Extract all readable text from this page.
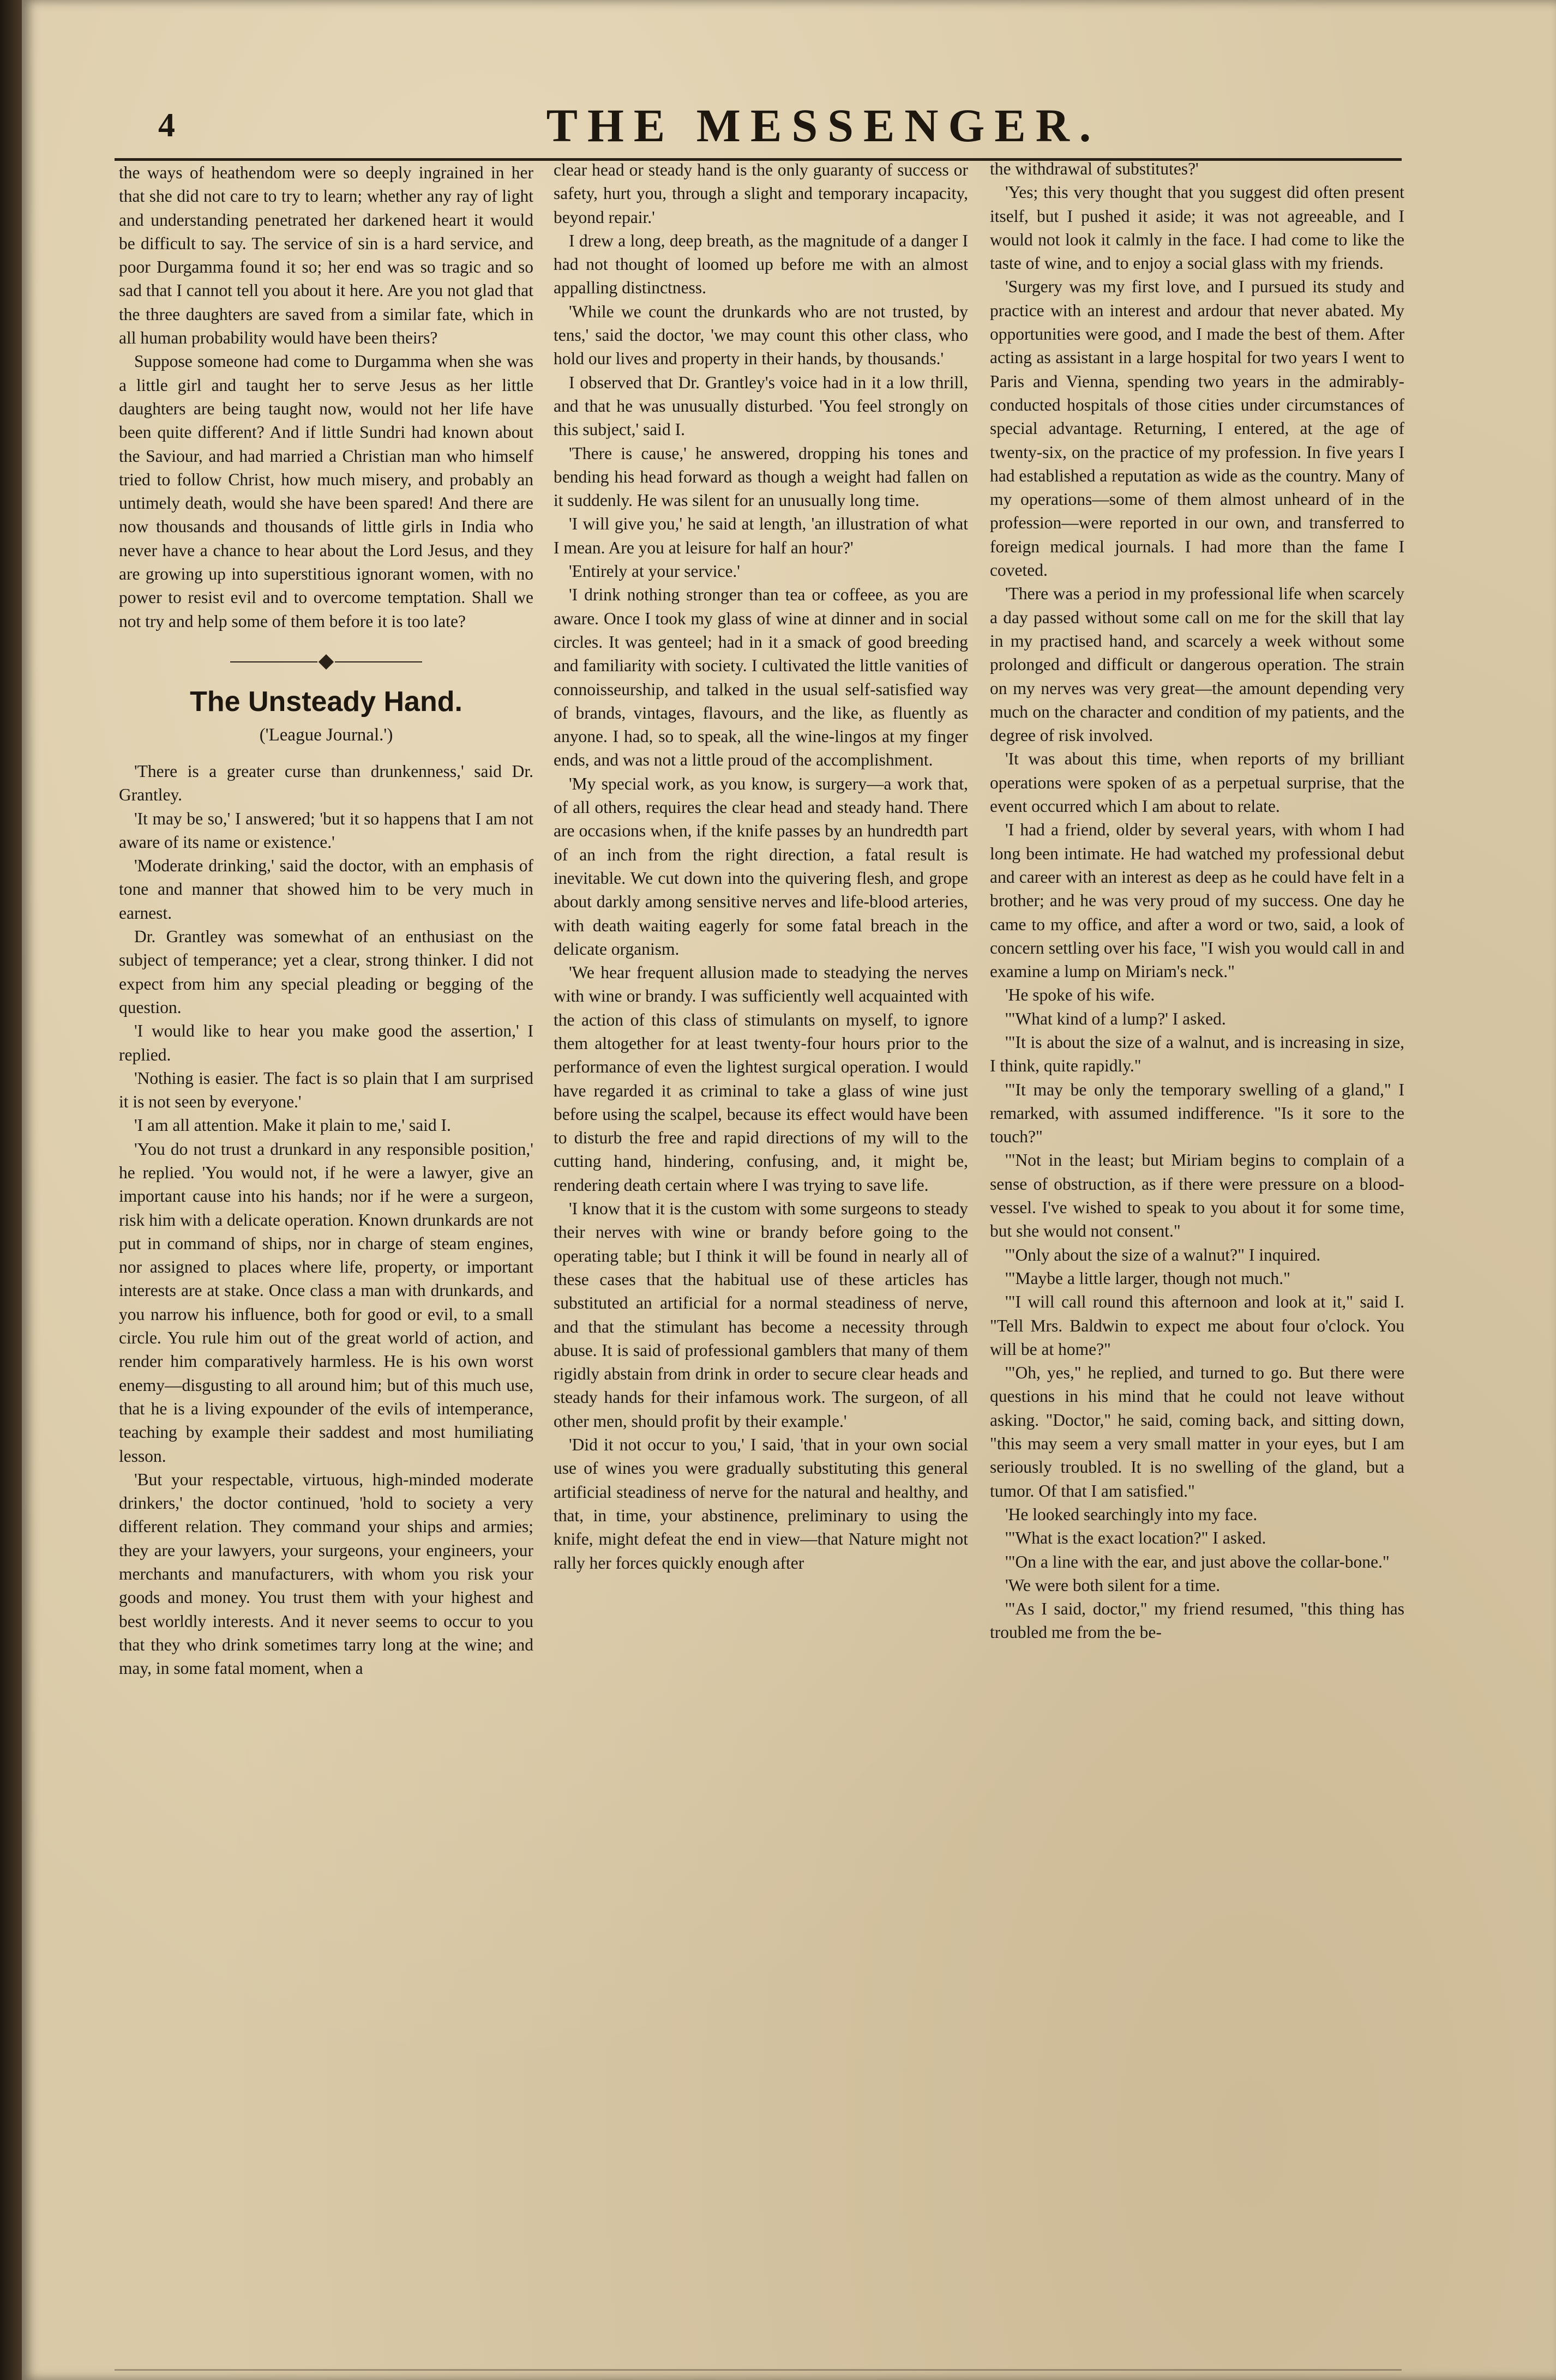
4	THE MESSENGER.

the ways of heathendom were so deeply ingrained in her that she did not care to try to learn; whether any ray of light and understanding penetrated her darkened heart it would be difficult to say. The service of sin is a hard service, and poor Durgamma found it so; her end was so tragic and so sad that I cannot tell you about it here. Are you not glad that the three daughters are saved from a similar fate, which in all human probability would have been theirs?

Suppose someone had come to Durgamma when she was a little girl and taught her to serve Jesus as her little daughters are being taught now, would not her life have been quite different? And if little Sundri had known about the Saviour, and had married a Christian man who himself tried to follow Christ, how much misery, and probably an untimely death, would she have been spared! And there are now thousands and thousands of little girls in India who never have a chance to hear about the Lord Jesus, and they are growing up into superstitious ignorant women, with no power to resist evil and to overcome temptation. Shall we not try and help some of them before it is too late?

The Unsteady Hand.
('League Journal.')

'There is a greater curse than drunkenness,' said Dr. Grantley.

'It may be so,' I answered; 'but it so happens that I am not aware of its name or existence.'

'Moderate drinking,' said the doctor, with an emphasis of tone and manner that showed him to be very much in earnest.

Dr. Grantley was somewhat of an enthusiast on the subject of temperance; yet a clear, strong thinker. I did not expect from him any special pleading or begging of the question.

'I would like to hear you make good the assertion,' I replied.

'Nothing is easier. The fact is so plain that I am surprised it is not seen by everyone.'

'I am all attention. Make it plain to me,' said I.

'You do not trust a drunkard in any responsible position,' he replied. 'You would not, if he were a lawyer, give an important cause into his hands; nor if he were a surgeon, risk him with a delicate operation. Known drunkards are not put in command of ships, nor in charge of steam engines, nor assigned to places where life, property, or important interests are at stake. Once class a man with drunkards, and you narrow his influence, both for good or evil, to a small circle. You rule him out of the great world of action, and render him comparatively harmless. He is his own worst enemy—disgusting to all around him; but of this much use, that he is a living expounder of the evils of intemperance, teaching by example their saddest and most humiliating lesson.

'But your respectable, virtuous, high-minded moderate drinkers,' the doctor continued, 'hold to society a very different relation. They command your ships and armies; they are your lawyers, your surgeons, your engineers, your merchants and manufacturers, with whom you risk your goods and money. You trust them with your highest and best worldly interests. And it never seems to occur to you that they who drink sometimes tarry long at the wine; and may, in some fatal moment, when a

clear head or steady hand is the only guaranty of success or safety, hurt you, through a slight and temporary incapacity, beyond repair.'

I drew a long, deep breath, as the magnitude of a danger I had not thought of loomed up before me with an almost appalling distinctness.

'While we count the drunkards who are not trusted, by tens,' said the doctor, 'we may count this other class, who hold our lives and property in their hands, by thousands.'

I observed that Dr. Grantley's voice had in it a low thrill, and that he was unusually disturbed. 'You feel strongly on this subject,' said I.

'There is cause,' he answered, dropping his tones and bending his head forward as though a weight had fallen on it suddenly. He was silent for an unusually long time.

'I will give you,' he said at length, 'an illustration of what I mean. Are you at leisure for half an hour?'

'Entirely at your service.'

'I drink nothing stronger than tea or coffeee, as you are aware. Once I took my glass of wine at dinner and in social circles. It was genteel; had in it a smack of good breeding and familiarity with society. I cultivated the little vanities of connoisseurship, and talked in the usual self-satisfied way of brands, vintages, flavours, and the like, as fluently as anyone. I had, so to speak, all the wine-lingos at my finger ends, and was not a little proud of the accomplishment.

'My special work, as you know, is surgery—a work that, of all others, requires the clear head and steady hand. There are occasions when, if the knife passes by an hundredth part of an inch from the right direction, a fatal result is inevitable. We cut down into the quivering flesh, and grope about darkly among sensitive nerves and life-blood arteries, with death waiting eagerly for some fatal breach in the delicate organism.

'We hear frequent allusion made to steadying the nerves with wine or brandy. I was sufficiently well acquainted with the action of this class of stimulants on myself, to ignore them altogether for at least twenty-four hours prior to the performance of even the lightest surgical operation. I would have regarded it as criminal to take a glass of wine just before using the scalpel, because its effect would have been to disturb the free and rapid directions of my will to the cutting hand, hindering, confusing, and, it might be, rendering death certain where I was trying to save life.

'I know that it is the custom with some surgeons to steady their nerves with wine or brandy before going to the operating table; but I think it will be found in nearly all of these cases that the habitual use of these articles has substituted an artificial for a normal steadiness of nerve, and that the stimulant has become a necessity through abuse. It is said of professional gamblers that many of them rigidly abstain from drink in order to secure clear heads and steady hands for their infamous work. The surgeon, of all other men, should profit by their example.'

'Did it not occur to you,' I said, 'that in your own social use of wines you were gradually substituting this general artificial steadiness of nerve for the natural and healthy, and that, in time, your abstinence, preliminary to using the knife, might defeat the end in view—that Nature might not rally her forces quickly enough after

the withdrawal of substitutes?'

'Yes; this very thought that you suggest did often present itself, but I pushed it aside; it was not agreeable, and I would not look it calmly in the face. I had come to like the taste of wine, and to enjoy a social glass with my friends.

'Surgery was my first love, and I pursued its study and practice with an interest and ardour that never abated. My opportunities were good, and I made the best of them. After acting as assistant in a large hospital for two years I went to Paris and Vienna, spending two years in the admirably-conducted hospitals of those cities under circumstances of special advantage. Returning, I entered, at the age of twenty-six, on the practice of my profession. In five years I had established a reputation as wide as the country. Many of my operations—some of them almost unheard of in the profession—were reported in our own, and transferred to foreign medical journals. I had more than the fame I coveted.

'There was a period in my professional life when scarcely a day passed without some call on me for the skill that lay in my practised hand, and scarcely a week without some prolonged and difficult or dangerous operation. The strain on my nerves was very great—the amount depending very much on the character and condition of my patients, and the degree of risk involved.

'It was about this time, when reports of my brilliant operations were spoken of as a perpetual surprise, that the event occurred which I am about to relate.

'I had a friend, older by several years, with whom I had long been intimate. He had watched my professional debut and career with an interest as deep as he could have felt in a brother; and he was very proud of my success. One day he came to my office, and after a word or two, said, a look of concern settling over his face, "I wish you would call in and examine a lump on Miriam's neck."

'He spoke of his wife.

'"What kind of a lump?' I asked.

'"It is about the size of a walnut, and is increasing in size, I think, quite rapidly."

'"It may be only the temporary swelling of a gland," I remarked, with assumed indifference. "Is it sore to the touch?"

'"Not in the least; but Miriam begins to complain of a sense of obstruction, as if there were pressure on a blood-vessel. I've wished to speak to you about it for some time, but she would not consent."

'"Only about the size of a walnut?" I inquired.

'"Maybe a little larger, though not much."

'"I will call round this afternoon and look at it," said I. "Tell Mrs. Baldwin to expect me about four o'clock. You will be at home?"

'"Oh, yes," he replied, and turned to go. But there were questions in his mind that he could not leave without asking. "Doctor," he said, coming back, and sitting down, "this may seem a very small matter in your eyes, but I am seriously troubled. It is no swelling of the gland, but a tumor. Of that I am satisfied."

'He looked searchingly into my face.

'"What is the exact location?" I asked.

'"On a line with the ear, and just above the collar-bone."

'We were both silent for a time.

'"As I said, doctor," my friend resumed, "this thing has troubled me from the be-
